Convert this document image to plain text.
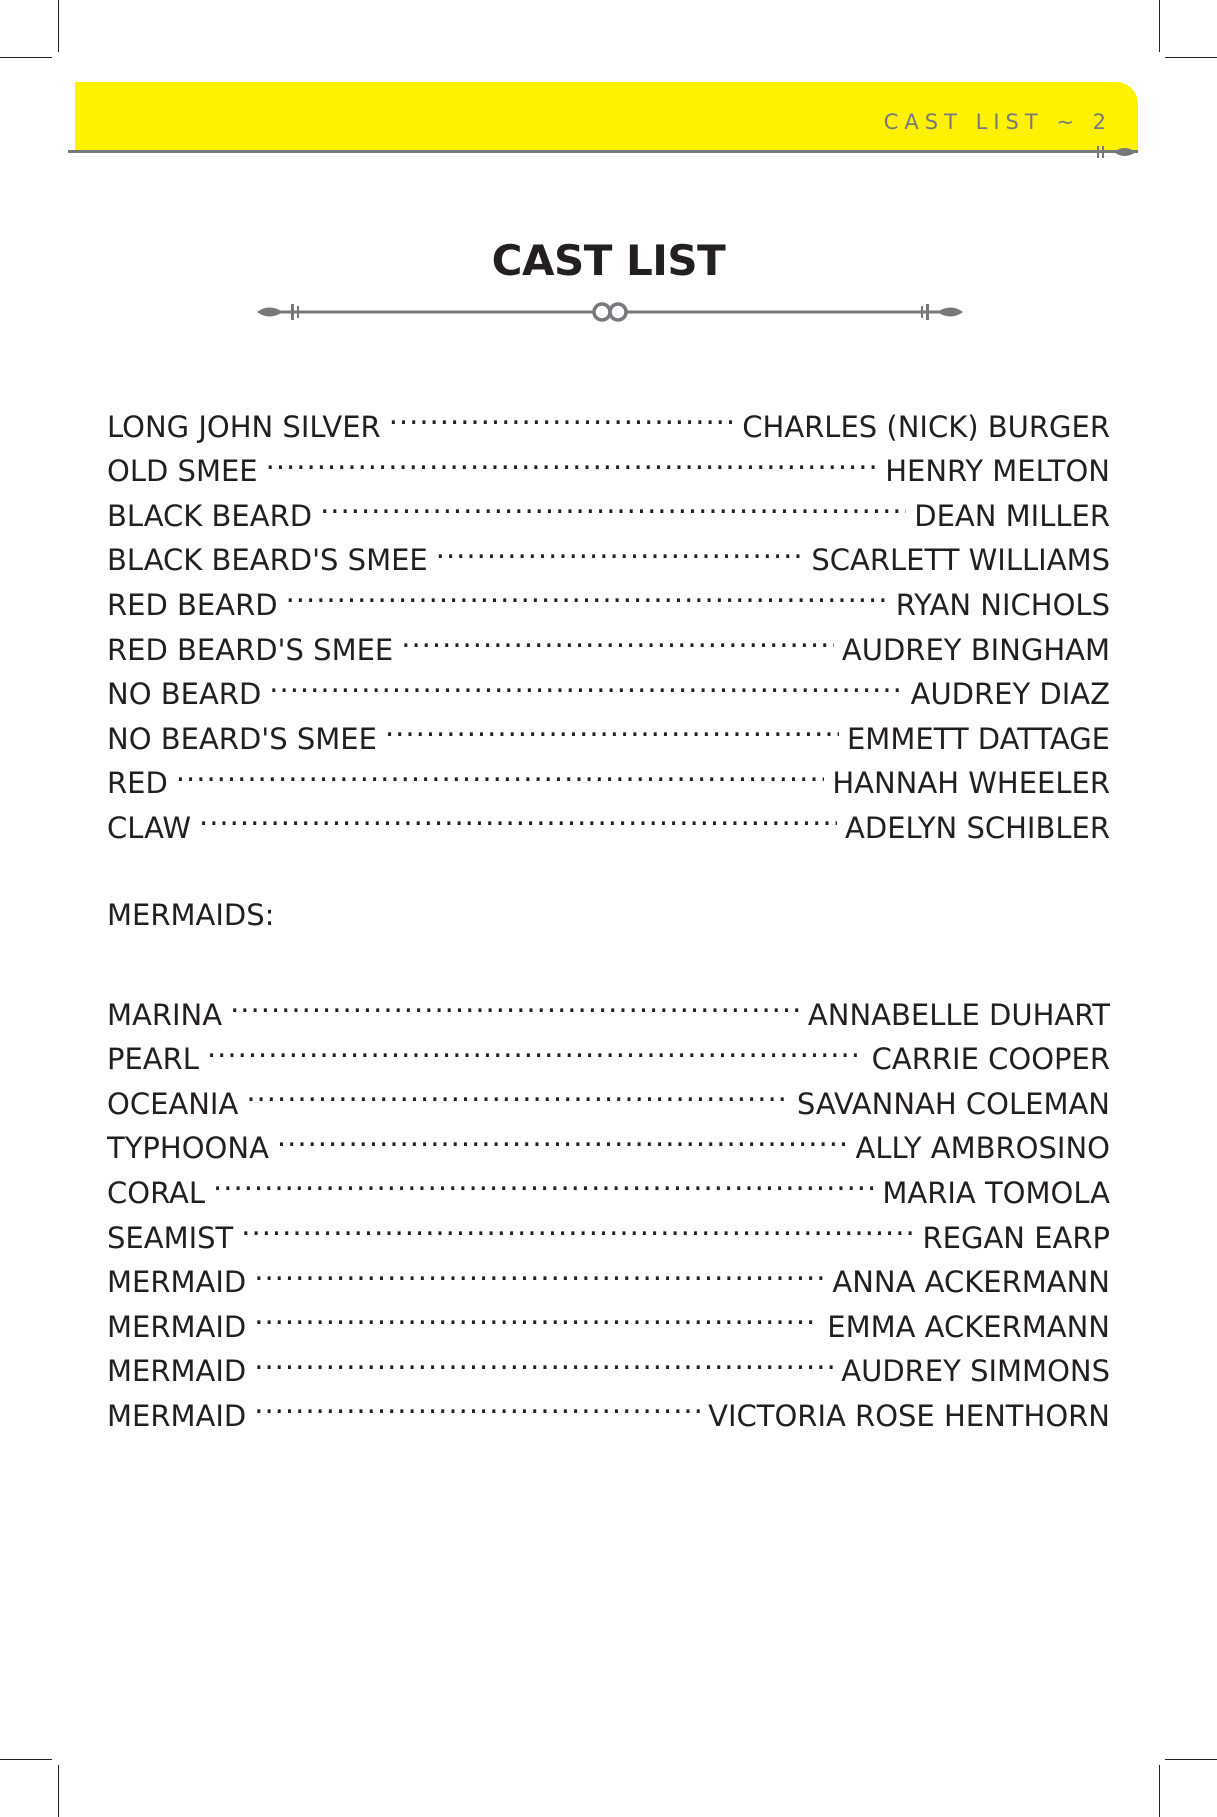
CAST LIST ~ 2
CAST LIST
LONG JOHN SILVER .....	CHARLES (NICK) BURGER
OLD SMEE .....	HENRY MELTON
BLACK BEARD .....	DEAN MILLER
BLACK BEARD'S SMEE .....	SCARLETT WILLIAMS
RED BEARD .....	RYAN NICHOLS
RED BEARD'S SMEE .....	AUDREY BINGHAM
NO BEARD .....	AUDREY DIAZ
NO BEARD'S SMEE .....	EMMETT DATTAGE
RED .....	HANNAH WHEELER
CLAW .....	ADELYN SCHIBLER
MERMAIDS:
MARINA .....	ANNABELLE DUHART
PEARL .....	CARRIE COOPER
OCEANIA .....	SAVANNAH COLEMAN
TYPHOONA .....	ALLY AMBROSINO
CORAL .....	MARIA TOMOLA
SEAMIST .....	REGAN EARP
MERMAID .....	ANNA ACKERMANN
MERMAID .....	EMMA ACKERMANN
MERMAID .....	AUDREY SIMMONS
MERMAID .....	VICTORIA ROSE HENTHORN
